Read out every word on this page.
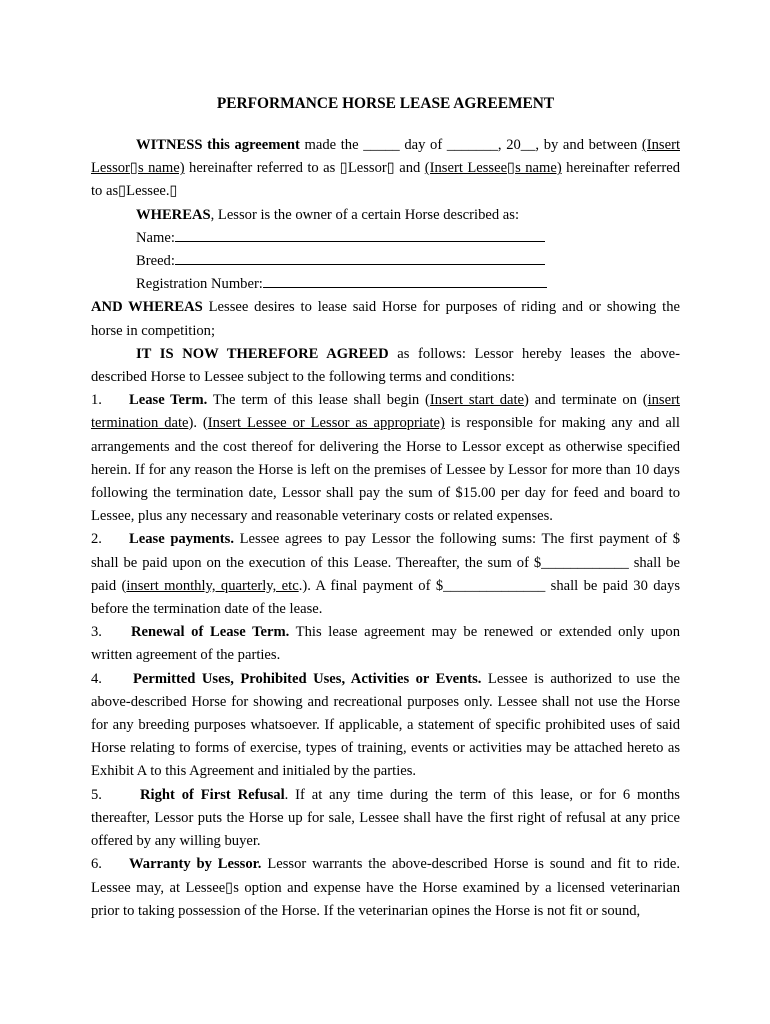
PERFORMANCE HORSE LEASE AGREEMENT

WITNESS this agreement made the _____ day of _______, 20__, by and between (Insert Lessor▯s name) hereinafter referred to as ▯Lessor▯ and (Insert Lessee▯s name) hereinafter referred to as▯Lessee.▯

WHEREAS, Lessor is the owner of a certain Horse described as:

Name:
Breed:
Registration Number:

AND WHEREAS Lessee desires to lease said Horse for purposes of riding and or showing the horse in competition;

IT IS NOW THEREFORE AGREED as follows: Lessor hereby leases the above-described Horse to Lessee subject to the following terms and conditions:

1. Lease Term. The term of this lease shall begin (Insert start date) and terminate on (insert termination date). (Insert Lessee or Lessor as appropriate) is responsible for making any and all arrangements and the cost thereof for delivering the Horse to Lessor except as otherwise specified herein. If for any reason the Horse is left on the premises of Lessee by Lessor for more than 10 days following the termination date, Lessor shall pay the sum of $15.00 per day for feed and board to Lessee, plus any necessary and reasonable veterinary costs or related expenses.

2. Lease payments. Lessee agrees to pay Lessor the following sums: The first payment of $ shall be paid upon on the execution of this Lease. Thereafter, the sum of $____________ shall be paid (insert monthly, quarterly, etc.). A final payment of $______________ shall be paid 30 days before the termination date of the lease.

3. Renewal of Lease Term. This lease agreement may be renewed or extended only upon written agreement of the parties.

4. Permitted Uses, Prohibited Uses, Activities or Events. Lessee is authorized to use the above-described Horse for showing and recreational purposes only. Lessee shall not use the Horse for any breeding purposes whatsoever. If applicable, a statement of specific prohibited uses of said Horse relating to forms of exercise, types of training, events or activities may be attached hereto as Exhibit A to this Agreement and initialed by the parties.

5.	Right of First Refusal. If at any time during the term of this lease, or for 6 months thereafter, Lessor puts the Horse up for sale, Lessee shall have the first right of refusal at any price offered by any willing buyer.

6. Warranty by Lessor. Lessor warrants the above-described Horse is sound and fit to ride. Lessee may, at Lessee▯s option and expense have the Horse examined by a licensed veterinarian prior to taking possession of the Horse. If the veterinarian opines the Horse is not fit or sound,
